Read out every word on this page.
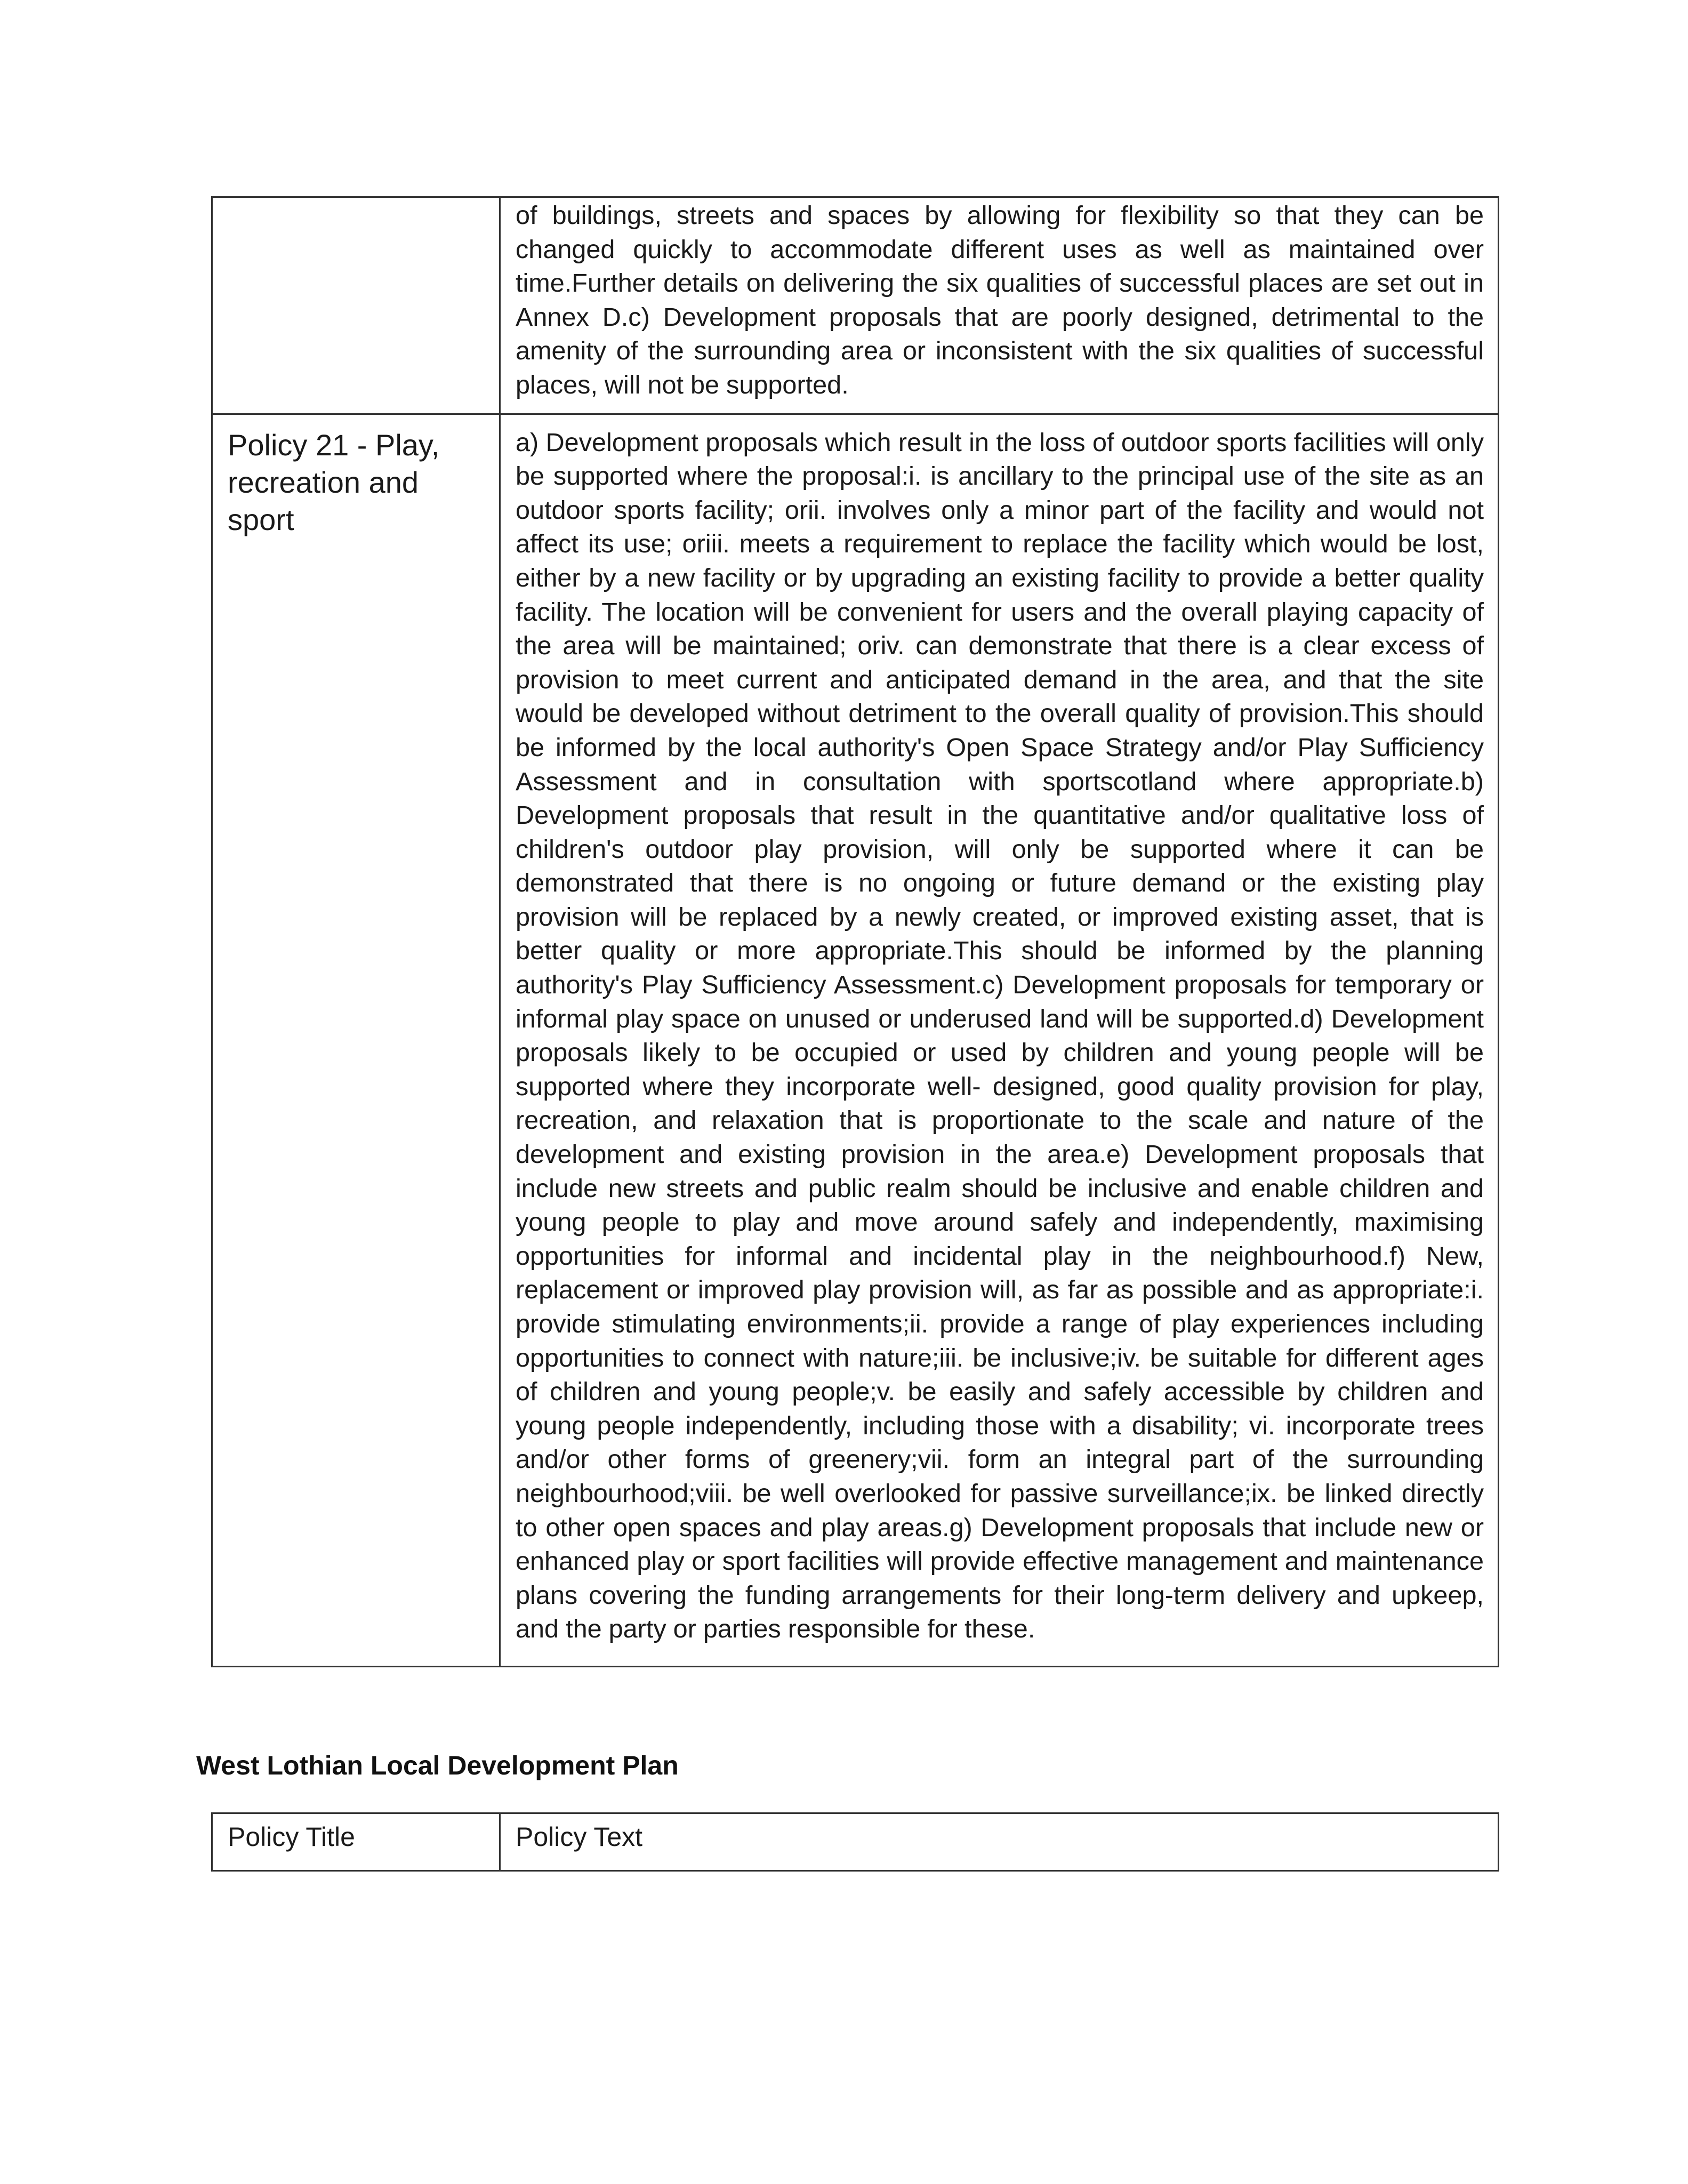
	of buildings, streets and spaces by allowing for flexibility so that they can be changed quickly to accommodate different uses as well as maintained over time.Further details on delivering the six qualities of successful places are set out in Annex D.c) Development proposals that are poorly designed, detrimental to the amenity of the surrounding area or inconsistent with the six qualities of successful places, will not be supported.

Policy 21 - Play, recreation and sport	a) Development proposals which result in the loss of outdoor sports facilities will only be supported where the proposal:i. is ancillary to the principal use of the site as an outdoor sports facility; orii. involves only a minor part of the facility and would not affect its use; oriii. meets a requirement to replace the facility which would be lost, either by a new facility or by upgrading an existing facility to provide a better quality facility. The location will be convenient for users and the overall playing capacity of the area will be maintained; oriv. can demonstrate that there is a clear excess of provision to meet current and anticipated demand in the area, and that the site would be developed without detriment to the overall quality of provision.This should be informed by the local authority's Open Space Strategy and/or Play Sufficiency Assessment and in consultation with sportscotland where appropriate.b) Development proposals that result in the quantitative and/or qualitative loss of children's outdoor play provision, will only be supported where it can be demonstrated that there is no ongoing or future demand or the existing play provision will be replaced by a newly created, or improved existing asset, that is better quality or more appropriate.This should be informed by the planning authority's Play Sufficiency Assessment.c) Development proposals for temporary or informal play space on unused or underused land will be supported.d) Development proposals likely to be occupied or used by children and young people will be supported where they incorporate well- designed, good quality provision for play, recreation, and relaxation that is proportionate to the scale and nature of the development and existing provision in the area.e) Development proposals that include new streets and public realm should be inclusive and enable children and young people to play and move around safely and independently, maximising opportunities for informal and incidental play in the neighbourhood.f) New, replacement or improved play provision will, as far as possible and as appropriate:i. provide stimulating environments;ii. provide a range of play experiences including opportunities to connect with nature;iii. be inclusive;iv. be suitable for different ages of children and young people;v. be easily and safely accessible by children and young people independently, including those with a disability; vi. incorporate trees and/or other forms of greenery;vii. form an integral part of the surrounding neighbourhood;viii. be well overlooked for passive surveillance;ix. be linked directly to other open spaces and play areas.g) Development proposals that include new or enhanced play or sport facilities will provide effective management and maintenance plans covering the funding arrangements for their long-term delivery and upkeep, and the party or parties responsible for these.
West Lothian Local Development Plan
Policy Title	Policy Text
